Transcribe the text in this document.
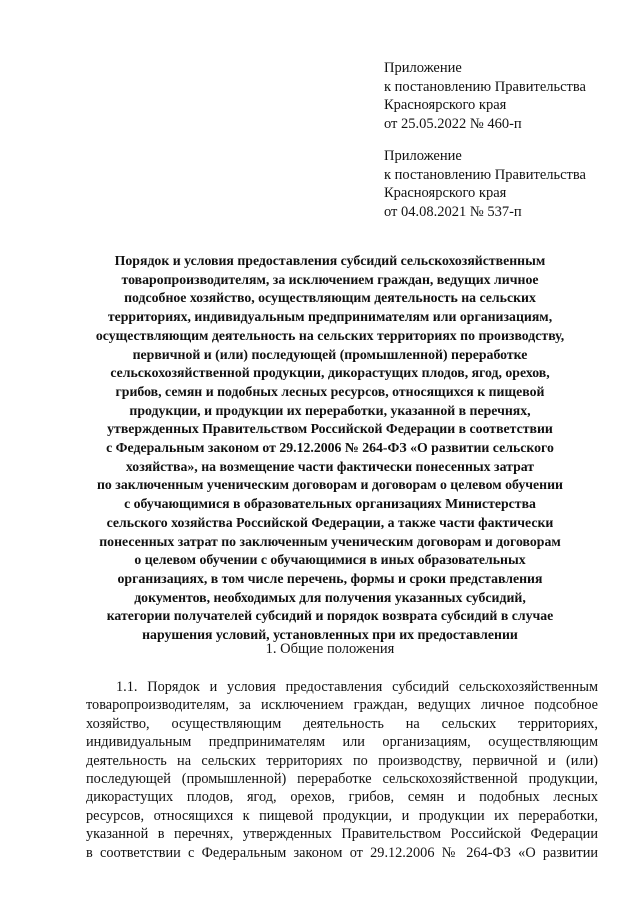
Приложение
к постановлению Правительства
Красноярского края
от 25.05.2022 № 460-п
Приложение
к постановлению Правительства
Красноярского края
от 04.08.2021 № 537-п
Порядок и условия предоставления субсидий сельскохозяйственным
товаропроизводителям, за исключением граждан, ведущих личное
подсобное хозяйство, осуществляющим деятельность на сельских
территориях, индивидуальным предпринимателям или организациям,
осуществляющим деятельность на сельских территориях по производству,
первичной и (или) последующей (промышленной) переработке
сельскохозяйственной продукции, дикорастущих плодов, ягод, орехов,
грибов, семян и подобных лесных ресурсов, относящихся к пищевой
продукции, и продукции их переработки, указанной в перечнях,
утвержденных Правительством Российской Федерации в соответствии
с Федеральным законом от 29.12.2006 № 264-ФЗ «О развитии сельского
хозяйства», на возмещение части фактически понесенных затрат
по заключенным ученическим договорам и договорам о целевом обучении
с обучающимися в образовательных организациях Министерства
сельского хозяйства Российской Федерации, а также части фактически
понесенных затрат по заключенным ученическим договорам и договорам
о целевом обучении с обучающимися в иных образовательных
организациях, в том числе перечень, формы и сроки представления
документов, необходимых для получения указанных субсидий,
категории получателей субсидий и порядок возврата субсидий в случае
нарушения условий, установленных при их предоставлении
1. Общие положения
1.1. Порядок и условия предоставления субсидий сельскохозяйственным
товаропроизводителям, за исключением граждан, ведущих личное подсобное
хозяйство, осуществляющим деятельность на сельских территориях,
индивидуальным предпринимателям или организациям, осуществляющим
деятельность на сельских территориях по производству, первичной и (или)
последующей (промышленной) переработке сельскохозяйственной продукции,
дикорастущих плодов, ягод, орехов, грибов, семян и подобных лесных
ресурсов, относящихся к пищевой продукции, и продукции их переработки,
указанной в перечнях, утвержденных Правительством Российской Федерации
в соответствии с Федеральным законом от 29.12.2006 № 264-ФЗ «О развитии
